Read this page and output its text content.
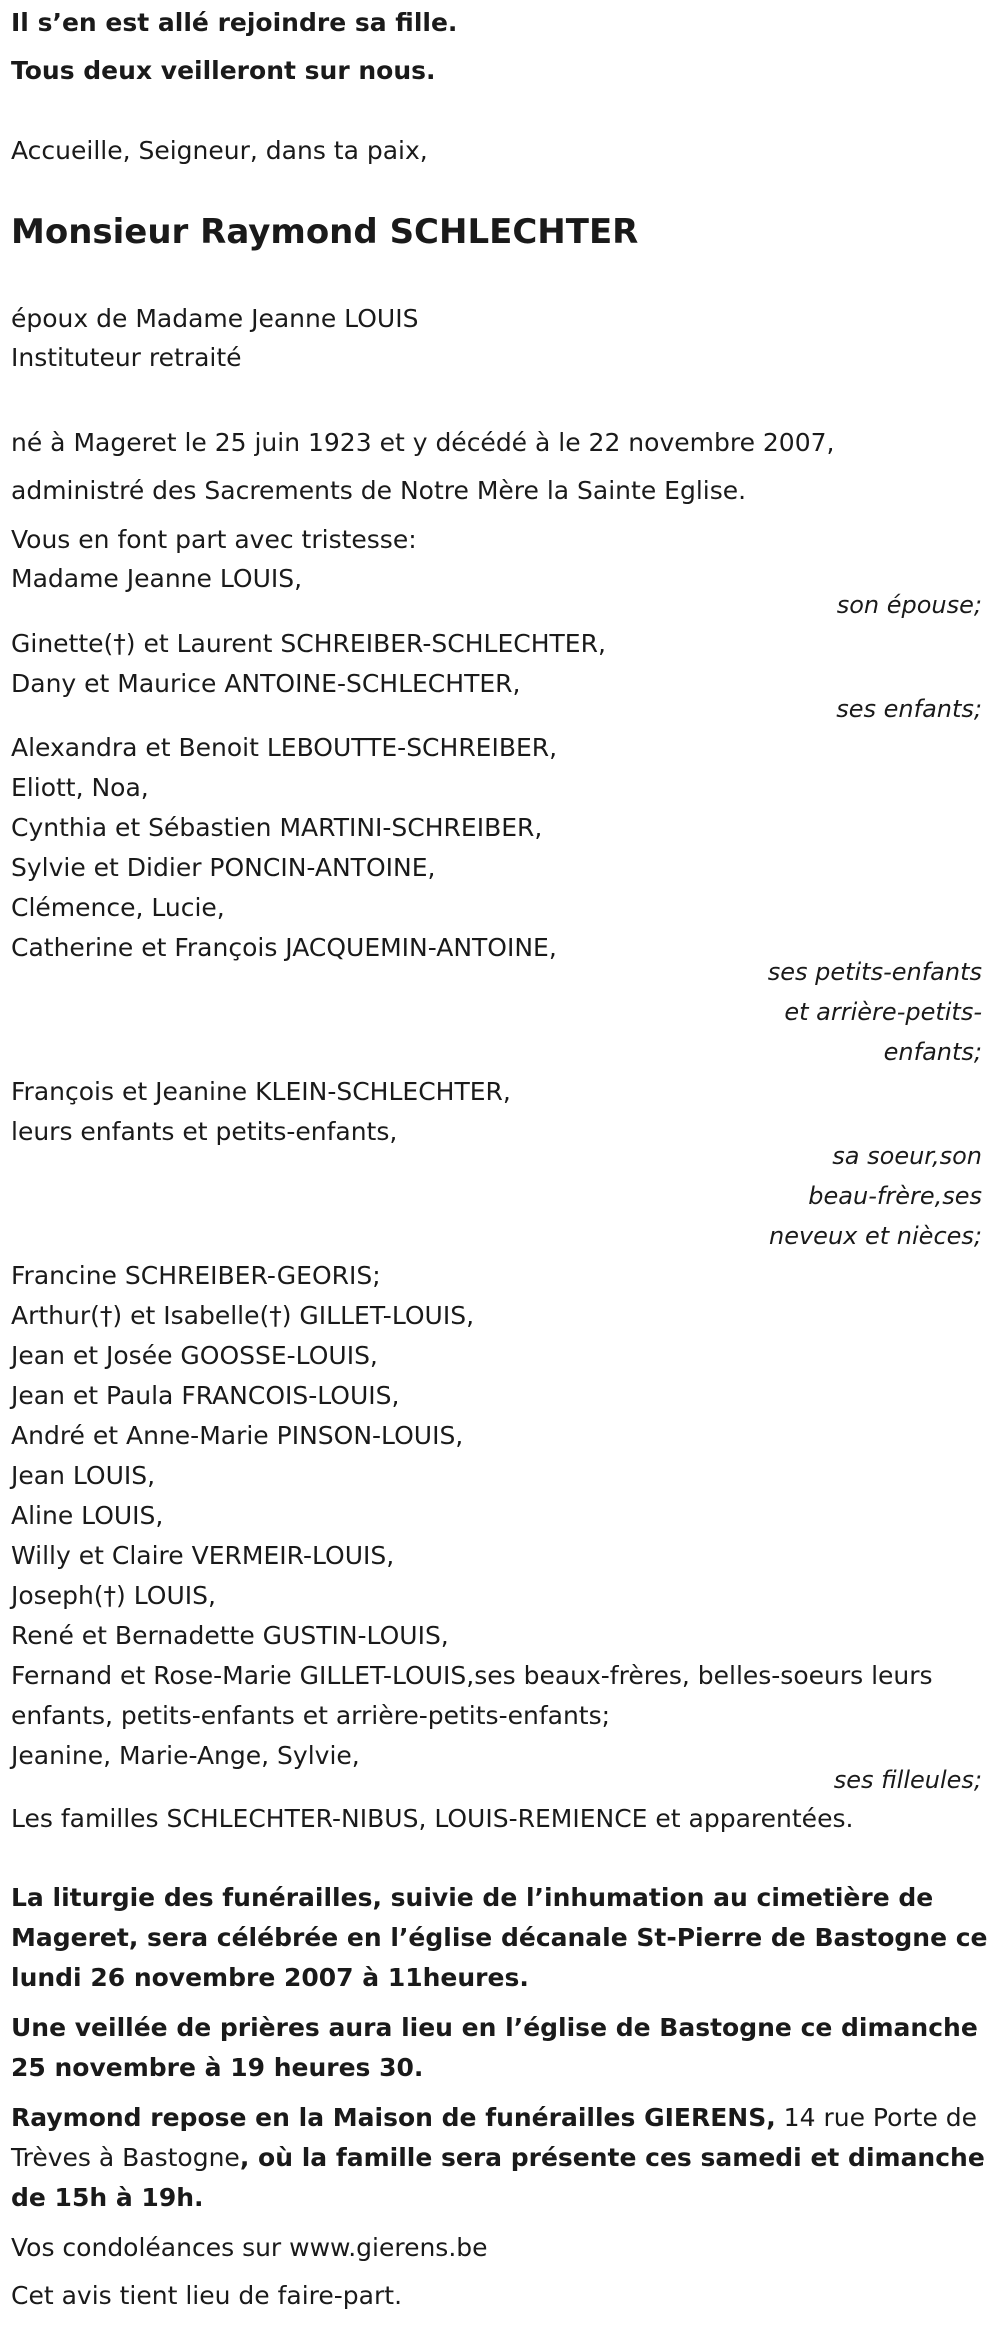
Il s’en est allé rejoindre sa fille.

Tous deux veilleront sur nous.

Accueille, Seigneur, dans ta paix,

Monsieur Raymond SCHLECHTER

époux de Madame Jeanne LOUIS

Instituteur retraité

né à Mageret le 25 juin 1923 et y décédé à le 22 novembre 2007,

administré des Sacrements de Notre Mère la Sainte Eglise.

Vous en font part avec tristesse:

Madame Jeanne LOUIS,

son épouse;

Ginette(†) et Laurent SCHREIBER-SCHLECHTER,

Dany et Maurice ANTOINE-SCHLECHTER,

ses enfants;

Alexandra et Benoit LEBOUTTE-SCHREIBER,

Eliott, Noa,

Cynthia et Sébastien MARTINI-SCHREIBER,

Sylvie et Didier PONCIN-ANTOINE,

Clémence, Lucie,

Catherine et François JACQUEMIN-ANTOINE,

ses petits-enfants

et arrière-petits-

enfants;

François et Jeanine KLEIN-SCHLECHTER,

leurs enfants et petits-enfants,

sa soeur,son

beau-frère,ses

neveux et nièces;

Francine SCHREIBER-GEORIS;

Arthur(†) et Isabelle(†) GILLET-LOUIS,

Jean et Josée GOOSSE-LOUIS,

Jean et Paula FRANCOIS-LOUIS,

André et Anne-Marie PINSON-LOUIS,

Jean LOUIS,

Aline LOUIS,

Willy et Claire VERMEIR-LOUIS,

Joseph(†) LOUIS,

René et Bernadette GUSTIN-LOUIS,

Fernand et Rose-Marie GILLET-LOUIS,ses beaux-frères, belles-soeurs leurs

enfants, petits-enfants et arrière-petits-enfants;

Jeanine, Marie-Ange, Sylvie,

ses filleules;

Les familles SCHLECHTER-NIBUS, LOUIS-REMIENCE et apparentées.

La liturgie des funérailles, suivie de l’inhumation au cimetière de

Mageret, sera célébrée en l’église décanale St-Pierre de Bastogne ce

lundi 26 novembre 2007 à 11heures.

Une veillée de prières aura lieu en l’église de Bastogne ce dimanche

25 novembre à 19 heures 30.

Raymond repose en la Maison de funérailles GIERENS, 14 rue Porte de

Trèves à Bastogne, où la famille sera présente ces samedi et dimanche

de 15h à 19h.

Vos condoléances sur www.gierens.be

Cet avis tient lieu de faire-part.
